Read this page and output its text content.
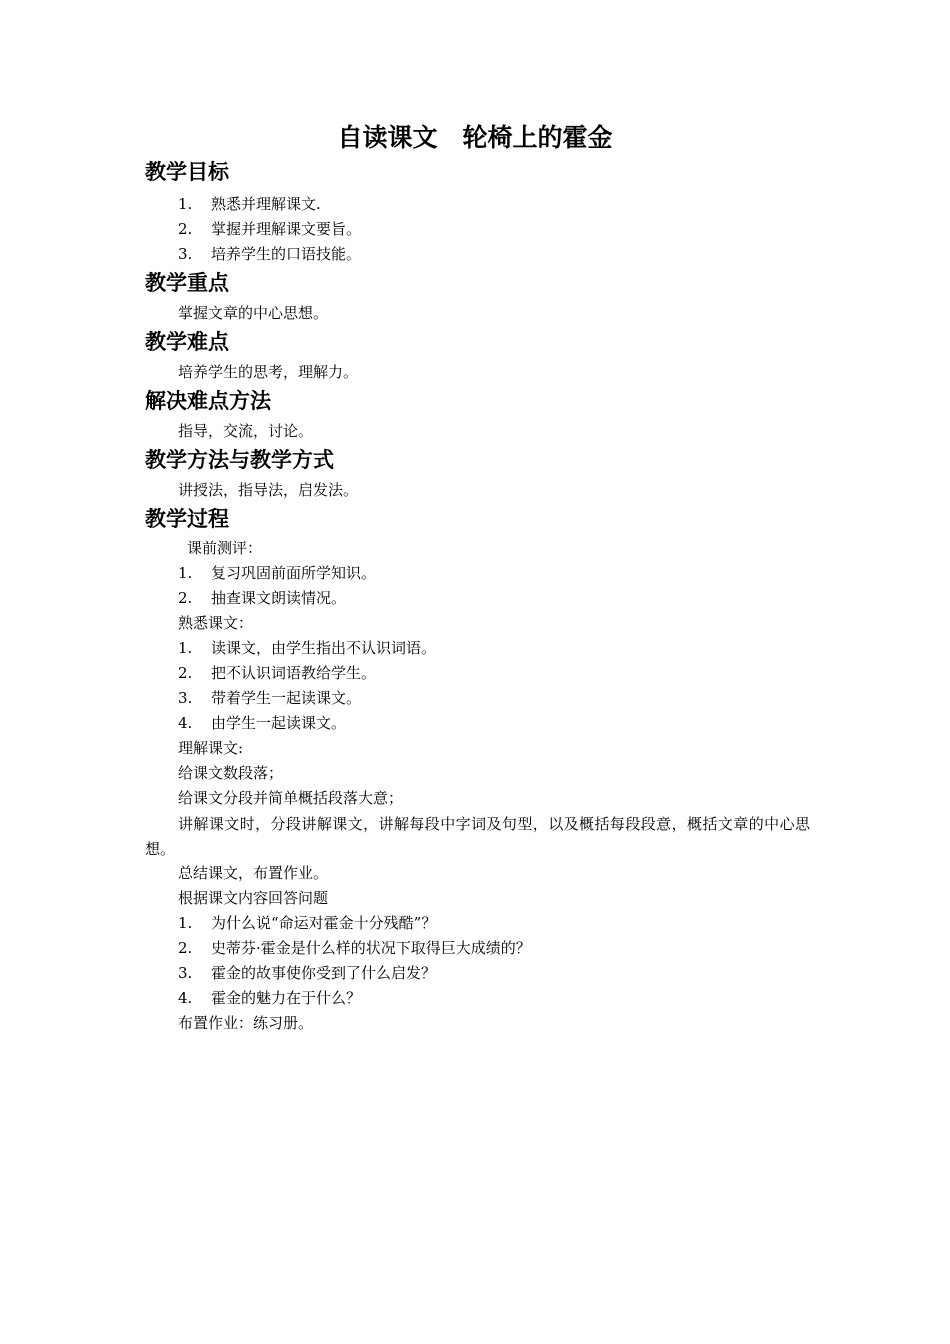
自读课文　轮椅上的霍金
教学目标
1. 熟悉并理解课文.
2. 掌握并理解课文要旨。
3. 培养学生的口语技能。
教学重点
掌握文章的中心思想。
教学难点
培养学生的思考，理解力。
解决难点方法
指导，交流，讨论。
教学方法与教学方式
讲授法，指导法，启发法。
教学过程
课前测评：
1. 复习巩固前面所学知识。
2. 抽查课文朗读情况。
熟悉课文：
1. 读课文，由学生指出不认识词语。
2. 把不认识词语教给学生。
3. 带着学生一起读课文。
4. 由学生一起读课文。
理解课文:
给课文数段落；
给课文分段并简单概括段落大意；
讲解课文时，分段讲解课文，讲解每段中字词及句型，以及概括每段段意，概括文章的中心思想。
总结课文，布置作业。
根据课文内容回答问题
1. 为什么说“命运对霍金十分残酷”？
2. 史蒂芬·霍金是什么样的状况下取得巨大成绩的？
3. 霍金的故事使你受到了什么启发？
4. 霍金的魅力在于什么？
布置作业：练习册。
